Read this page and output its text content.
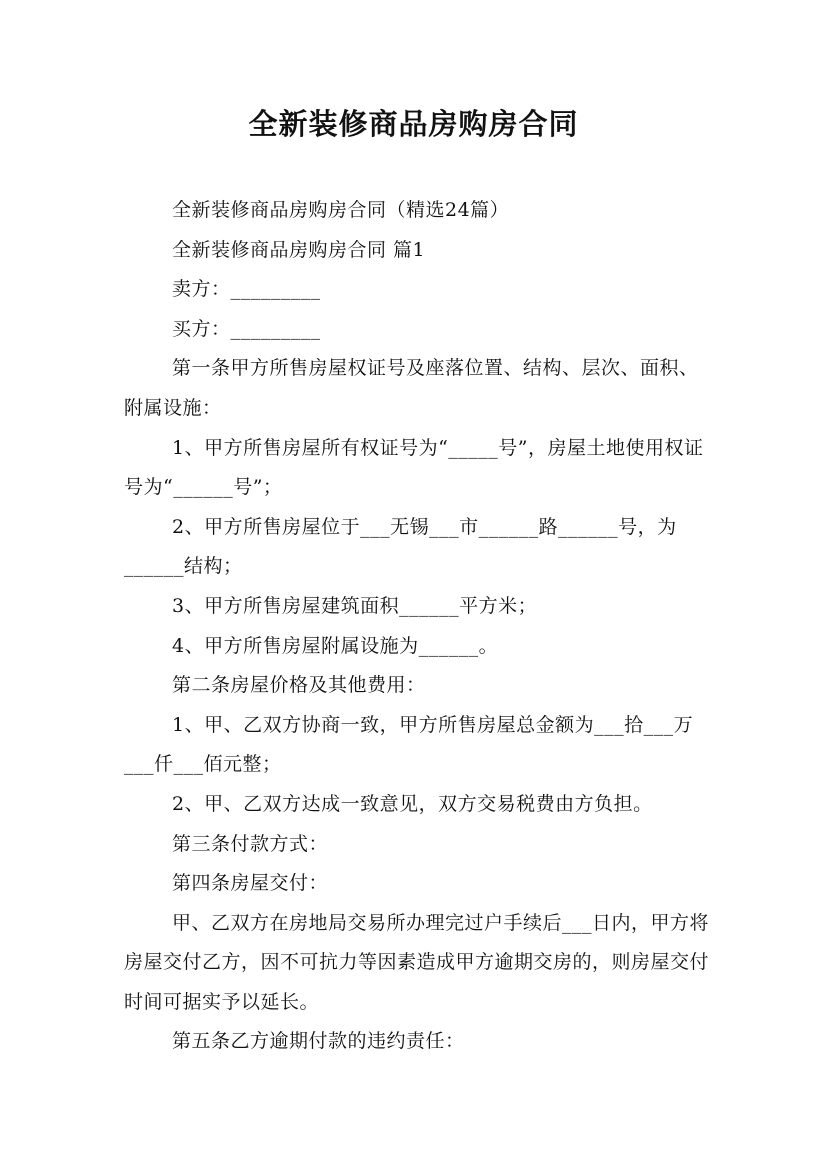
全新装修商品房购房合同

全新装修商品房购房合同（精选24篇）

全新装修商品房购房合同 篇1

卖方：_________

买方：_________

第一条甲方所售房屋权证号及座落位置、结构、层次、面积、附属设施：

1、甲方所售房屋所有权证号为“_____号”，房屋土地使用权证号为“______号”；

2、甲方所售房屋位于___无锡___市______路______号，为______结构；

3、甲方所售房屋建筑面积______平方米；

4、甲方所售房屋附属设施为______。

第二条房屋价格及其他费用：

1、甲、乙双方协商一致，甲方所售房屋总金额为___拾___万___仟___佰元整；

2、甲、乙双方达成一致意见，双方交易税费由方负担。

第三条付款方式：

第四条房屋交付：

甲、乙双方在房地局交易所办理完过户手续后___日内，甲方将房屋交付乙方，因不可抗力等因素造成甲方逾期交房的，则房屋交付时间可据实予以延长。

第五条乙方逾期付款的违约责任：
